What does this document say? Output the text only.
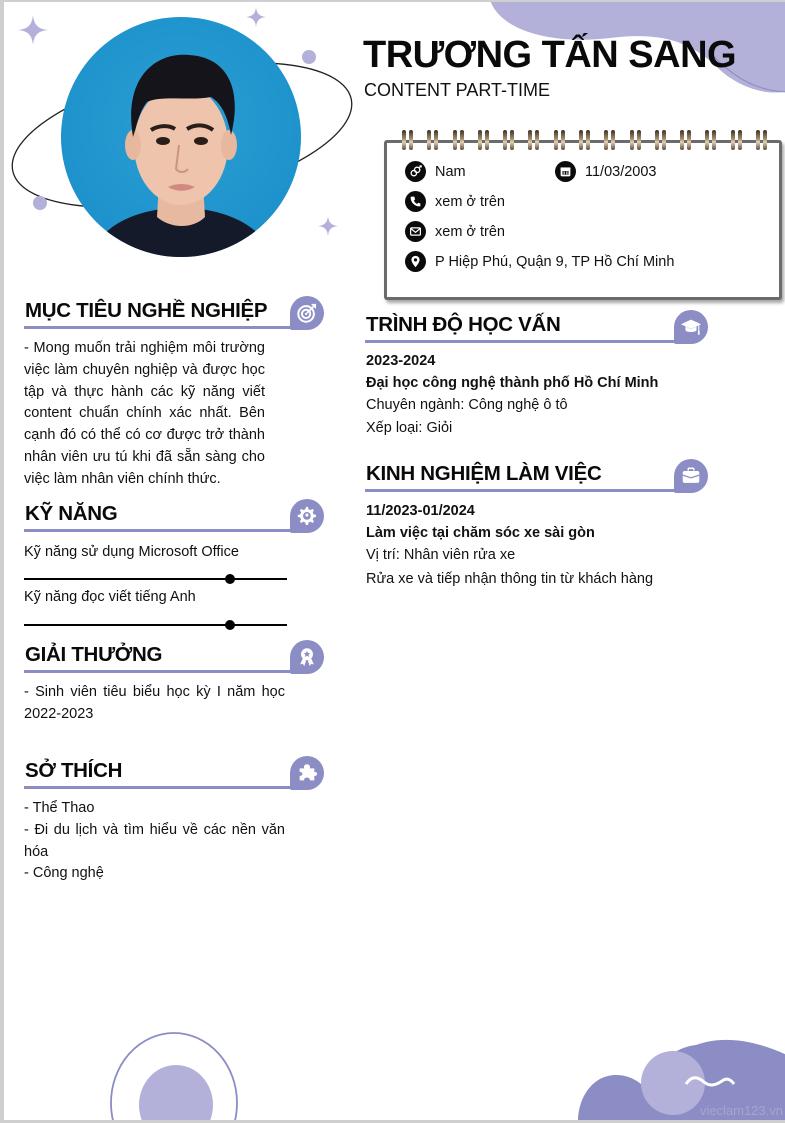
TRƯƠNG TẤN SANG
CONTENT PART-TIME
Nam	11/03/2003
xem ở trên
xem ở trên
P Hiệp Phú, Quận 9, TP Hồ Chí Minh
MỤC TIÊU NGHỀ NGHIỆP
- Mong muốn trải nghiệm môi trường
việc làm chuyên nghiệp và được học
tập và thực hành các kỹ năng viết
content chuẩn chính xác nhất. Bên
cạnh đó có thể có cơ được trở thành
nhân viên ưu tú khi đã sẵn sàng cho
việc làm nhân viên chính thức.
KỸ NĂNG
Kỹ năng sử dụng Microsoft Office
Kỹ năng đọc viết tiếng Anh
GIẢI THƯỞNG
- Sinh viên tiêu biểu học kỳ I năm học
2022-2023
SỞ THÍCH
- Thể Thao
- Đi du lịch và tìm hiểu về các nền văn
hóa
- Công nghệ
TRÌNH ĐỘ HỌC VẤN
2023-2024
Đại học công nghệ thành phố Hồ Chí Minh
Chuyên ngành: Công nghệ ô tô
Xếp loại: Giỏi
KINH NGHIỆM LÀM VIỆC
11/2023-01/2024
Làm việc tại chăm sóc xe sài gòn
Vị trí: Nhân viên rửa xe
Rửa xe và tiếp nhận thông tin từ khách hàng
vieclam123.vn
